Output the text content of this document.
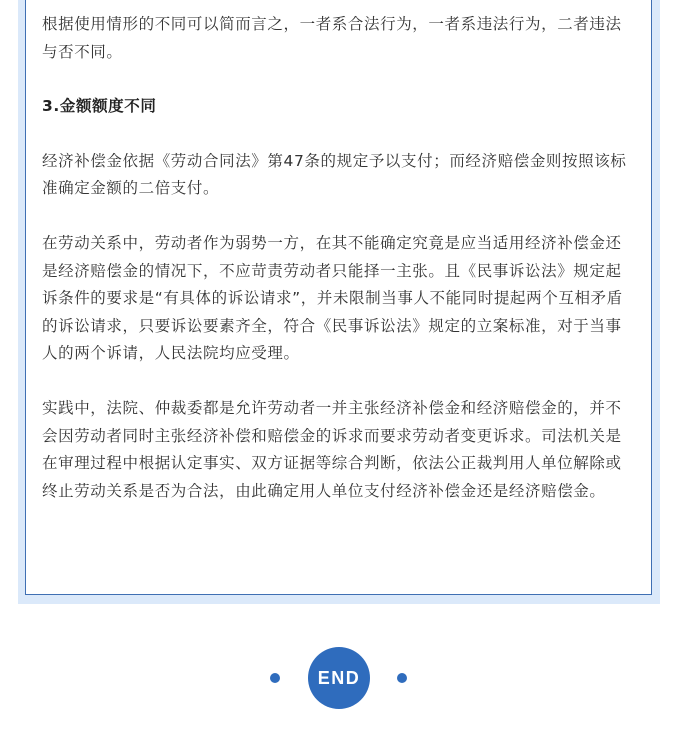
根据使用情形的不同可以简而言之，一者系合法行为，一者系违法行为，二者违法与否不同。

3.金额额度不同

经济补偿金依据《劳动合同法》第47条的规定予以支付；而经济赔偿金则按照该标准确定金额的二倍支付。

在劳动关系中，劳动者作为弱势一方，在其不能确定究竟是应当适用经济补偿金还是经济赔偿金的情况下，不应苛责劳动者只能择一主张。且《民事诉讼法》规定起诉条件的要求是“有具体的诉讼请求”，并未限制当事人不能同时提起两个互相矛盾的诉讼请求，只要诉讼要素齐全，符合《民事诉讼法》规定的立案标准，对于当事人的两个诉请，人民法院均应受理。

实践中，法院、仲裁委都是允许劳动者一并主张经济补偿金和经济赔偿金的，并不会因劳动者同时主张经济补偿和赔偿金的诉求而要求劳动者变更诉求。司法机关是在审理过程中根据认定事实、双方证据等综合判断，依法公正裁判用人单位解除或终止劳动关系是否为合法，由此确定用人单位支付经济补偿金还是经济赔偿金。

END
